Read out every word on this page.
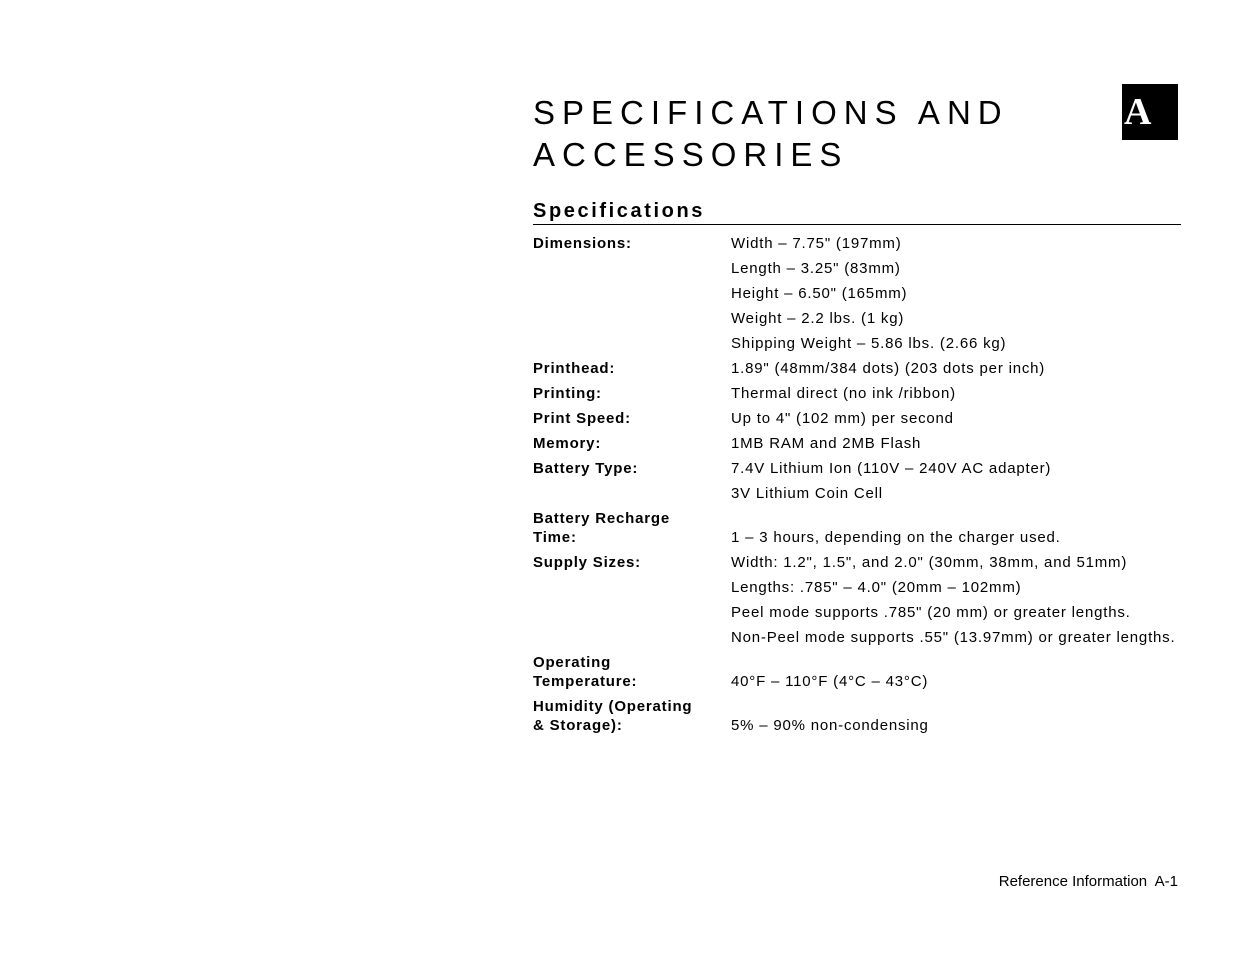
SPECIFICATIONS AND
ACCESSORIES
A
Specifications
Dimensions:	Width – 7.75" (197mm)
Length – 3.25" (83mm)
Height – 6.50" (165mm)
Weight – 2.2 lbs. (1 kg)
Shipping Weight – 5.86 lbs. (2.66 kg)
Printhead:	1.89" (48mm/384 dots) (203 dots per inch)
Printing:	Thermal direct (no ink /ribbon)
Print Speed:	Up to 4" (102 mm) per second
Memory:	1MB RAM and 2MB Flash
Battery Type:	7.4V Lithium Ion (110V – 240V AC adapter)
3V Lithium Coin Cell
Battery Recharge
Time:	1 – 3 hours, depending on the charger used.
Supply Sizes:	Width: 1.2", 1.5", and 2.0" (30mm, 38mm, and 51mm)
Lengths: .785" – 4.0" (20mm – 102mm)
Peel mode supports .785" (20 mm) or greater lengths.
Non-Peel mode supports .55" (13.97mm) or greater lengths.
Operating
Temperature:	40°F – 110°F (4°C – 43°C)
Humidity (Operating
& Storage):	5% – 90% non-condensing
Reference Information  A-1
